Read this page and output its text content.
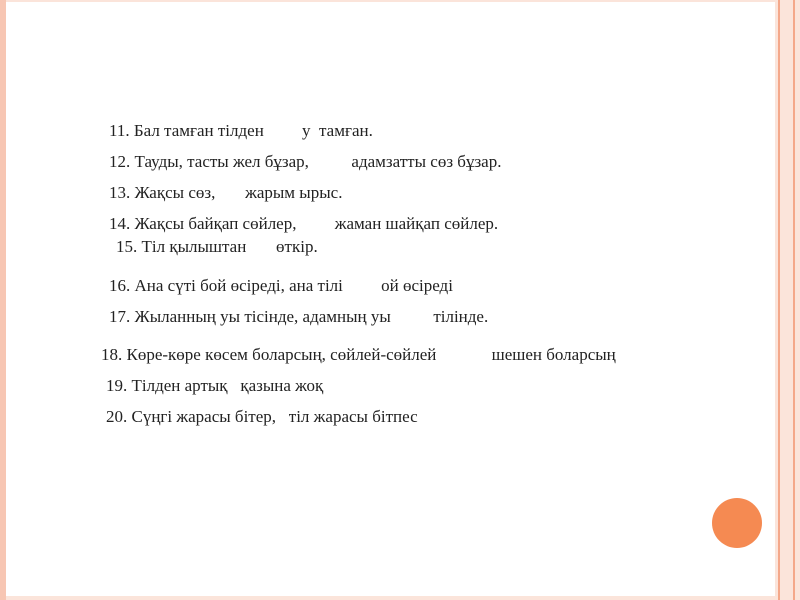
11. Бал тамған тілден         у  тамған.
12. Тауды, тасты жел бұзар,          адамзатты сөз бұзар.
13. Жақсы сөз,       жарым ырыс.
14. Жақсы байқап сөйлер,         жаман шайқап сөйлер.
15. Тіл қылыштан       өткір.
16. Ана сүті бой өсіреді, ана тілі         ой өсіреді
17. Жыланның уы тісінде, адамның уы          тілінде.
18. Көре-көре көсем боларсың, сөйлей-сөйлей             шешен боларсың
19. Тілден артық   қазына жоқ
20. Сүңгі жарасы бітер,   тіл жарасы бітпес
